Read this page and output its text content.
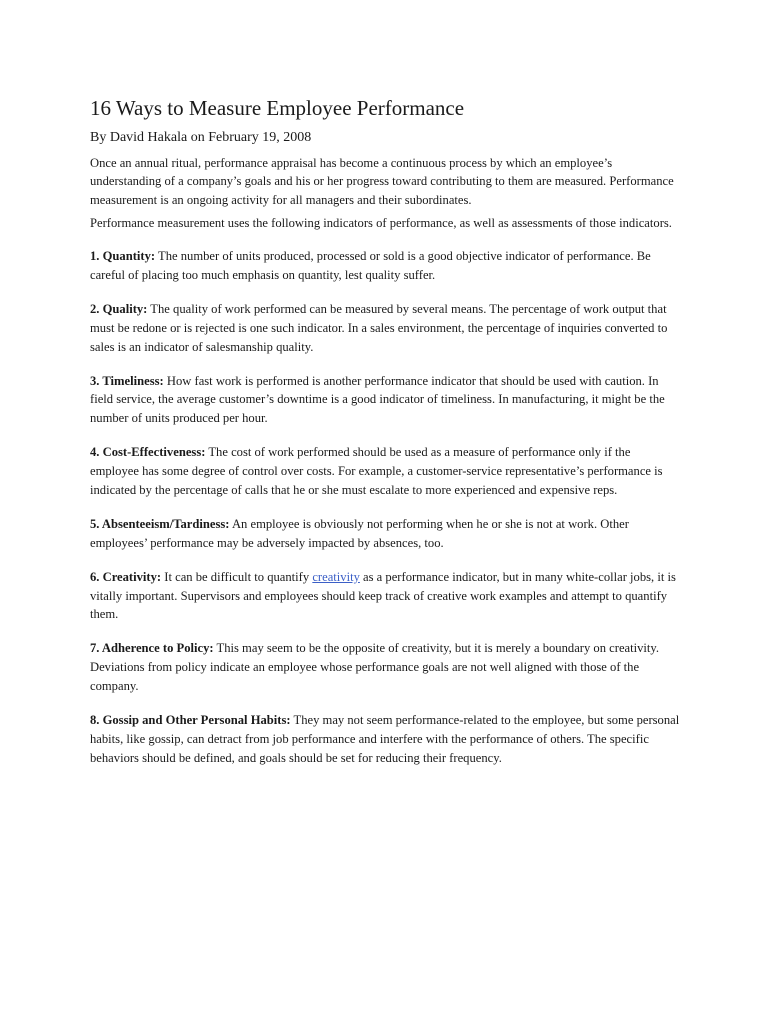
16 Ways to Measure Employee Performance

By David Hakala on February 19, 2008

Once an annual ritual, performance appraisal has become a continuous process by which an employee’s understanding of a company’s goals and his or her progress toward contributing to them are measured. Performance measurement is an ongoing activity for all managers and their subordinates.

Performance measurement uses the following indicators of performance, as well as assessments of those indicators.

1. Quantity: The number of units produced, processed or sold is a good objective indicator of performance. Be careful of placing too much emphasis on quantity, lest quality suffer.

2. Quality: The quality of work performed can be measured by several means. The percentage of work output that must be redone or is rejected is one such indicator. In a sales environment, the percentage of inquiries converted to sales is an indicator of salesmanship quality.

3. Timeliness: How fast work is performed is another performance indicator that should be used with caution. In field service, the average customer’s downtime is a good indicator of timeliness. In manufacturing, it might be the number of units produced per hour.

4. Cost-Effectiveness: The cost of work performed should be used as a measure of performance only if the employee has some degree of control over costs. For example, a customer-service representative’s performance is indicated by the percentage of calls that he or she must escalate to more experienced and expensive reps.

5. Absenteeism/Tardiness: An employee is obviously not performing when he or she is not at work. Other employees’ performance may be adversely impacted by absences, too.

6. Creativity: It can be difficult to quantify creativity as a performance indicator, but in many white-collar jobs, it is vitally important. Supervisors and employees should keep track of creative work examples and attempt to quantify them.

7. Adherence to Policy: This may seem to be the opposite of creativity, but it is merely a boundary on creativity. Deviations from policy indicate an employee whose performance goals are not well aligned with those of the company.

8. Gossip and Other Personal Habits: They may not seem performance-related to the employee, but some personal habits, like gossip, can detract from job performance and interfere with the performance of others. The specific behaviors should be defined, and goals should be set for reducing their frequency.
